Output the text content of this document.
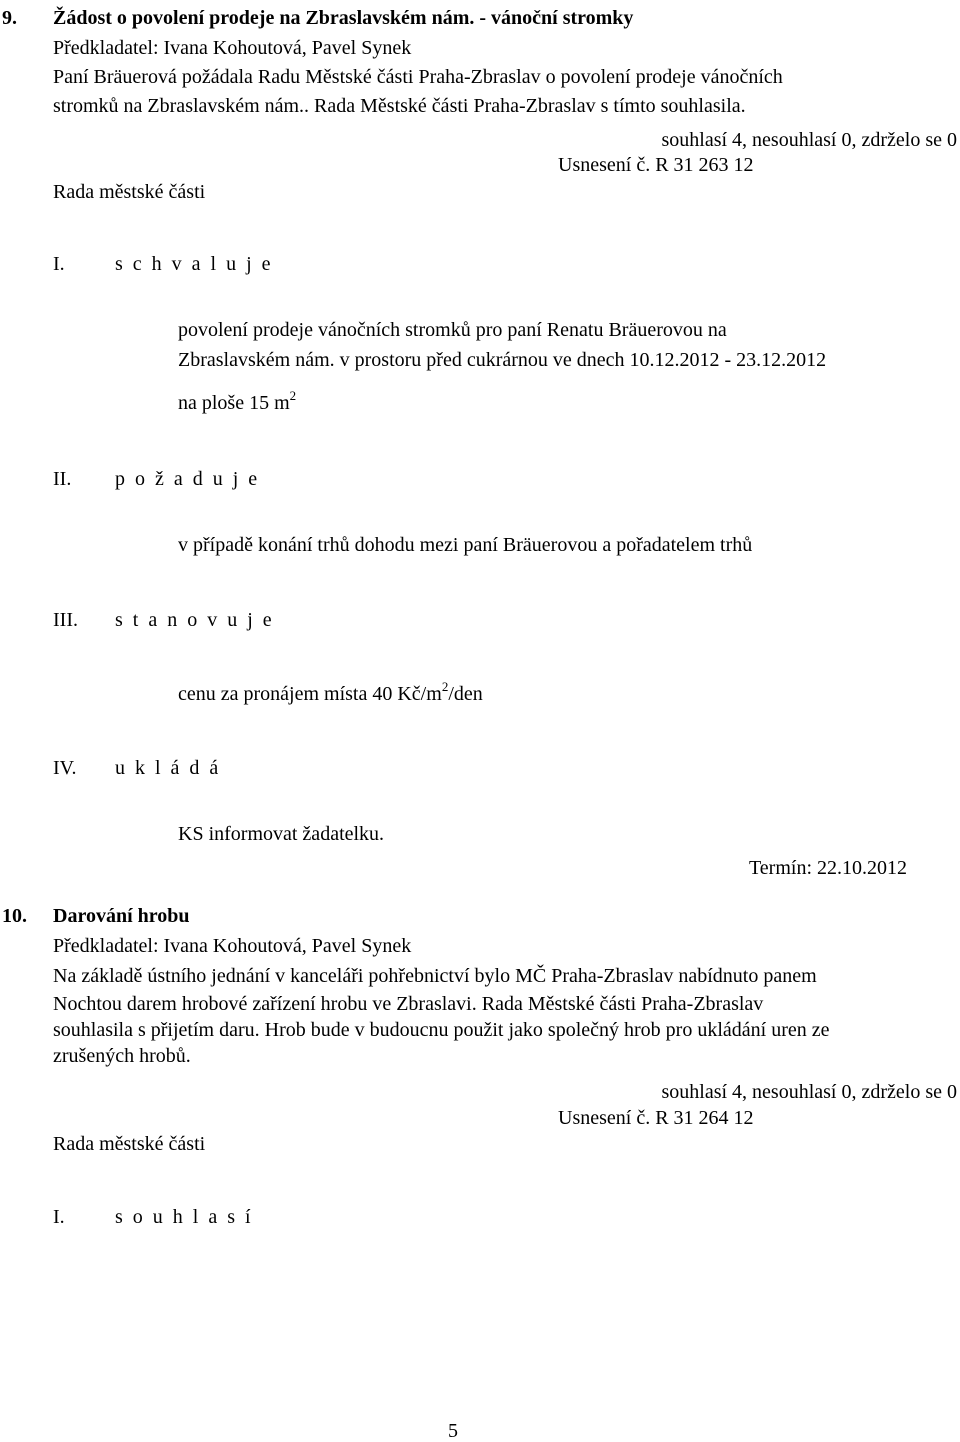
9. Žádost o povolení prodeje na Zbraslavském nám. - vánoční stromky
Předkladatel: Ivana Kohoutová, Pavel Synek
Paní Bräuerová požádala Radu Městské části Praha-Zbraslav o povolení prodeje vánočních
stromků na Zbraslavském nám.. Rada Městské části Praha-Zbraslav s tímto souhlasila.
souhlasí 4, nesouhlasí 0, zdrželo se 0
Usnesení č. R 31 263 12
Rada městské části
I.	s c h v a l u j e
povolení prodeje vánočních stromků pro paní Renatu Bräuerovou na
Zbraslavském nám. v prostoru před cukrárnou ve dnech 10.12.2012 - 23.12.2012
na ploše 15 $m^2$
II. p o ž a d u j e
v případě konání trhů dohodu mezi paní Bräuerovou a pořadatelem trhů
III. s t a n o v u j e
cenu za pronájem místa 40 $Kč/m^2$/den
IV. u k l á d á
KS informovat žadatelku.
Termín: 22.10.2012
10. Darování hrobu
Předkladatel: Ivana Kohoutová, Pavel Synek
Na základě ústního jednání v kanceláři pohřebnictví bylo MČ Praha-Zbraslav nabídnuto panem
Nochtou darem hrobové zařízení hrobu ve Zbraslavi. Rada Městské části Praha-Zbraslav
souhlasila s přijetím daru. Hrob bude v budoucnu použit jako společný hrob pro ukládání uren ze
zrušených hrobů.
souhlasí 4, nesouhlasí 0, zdrželo se 0
Usnesení č. R 31 264 12
Rada městské části
I.	s o u h l a s í
5
